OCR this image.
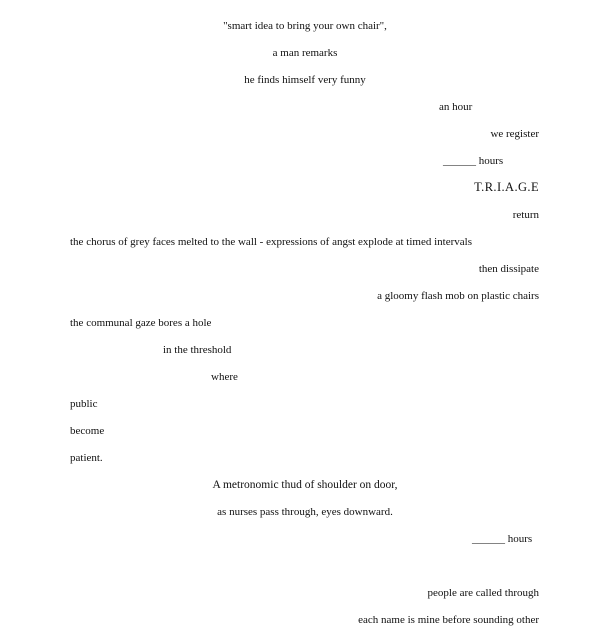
"smart idea to bring your own chair",
a man remarks
he finds himself very funny
an hour
we register
______ hours
T.R.I.A.G.E
return
the chorus of grey faces melted to the wall - expressions of angst explode at timed intervals
then dissipate
a gloomy flash mob on plastic chairs
the communal gaze bores a hole
in the threshold
where
public
become
patient.
A metronomic thud of shoulder on door,
as nurses pass through, eyes downward.
______ hours
people are called through
each name is mine before sounding other
